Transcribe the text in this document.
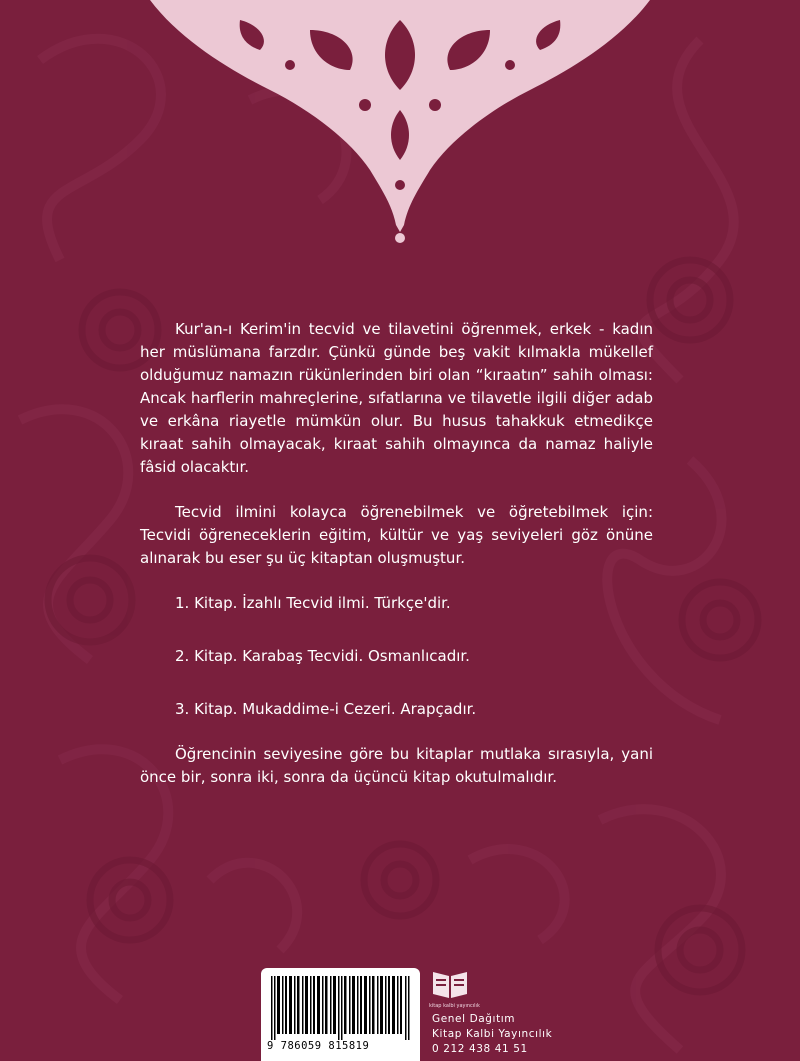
Kur'an-ı Kerim'in tecvid ve tilavetini öğrenmek, erkek - kadın her müslümana farzdır. Çünkü günde beş vakit kılmakla mükellef olduğumuz namazın rükünlerinden biri olan “kıraatın” sahih olması: Ancak harflerin mahreçlerine, sıfatlarına ve tilavetle ilgili diğer adab ve erkâna riayetle mümkün olur. Bu husus tahakkuk etmedikçe kıraat sahih olmayacak, kıraat sahih olmayınca da namaz haliyle fâsid olacaktır.

Tecvid ilmini kolayca öğrenebilmek ve öğretebilmek için: Tecvidi öğreneceklerin eğitim, kültür ve yaş seviyeleri göz önüne alınarak bu eser şu üç kitaptan oluşmuştur.

1. Kitap. İzahlı Tecvid ilmi. Türkçe'dir.

2. Kitap. Karabaş Tecvidi. Osmanlıcadır.

3. Kitap. Mukaddime-i Cezeri. Arapçadır.

Öğrencinin seviyesine göre bu kitaplar mutlaka sırasıyla, yani önce bir, sonra iki, sonra da üçüncü kitap okutulmalıdır.

9 786059 815819
kitap kalbi yayıncılık
Genel Dağıtım
Kitap Kalbi Yayıncılık
0 212 438 41 51
